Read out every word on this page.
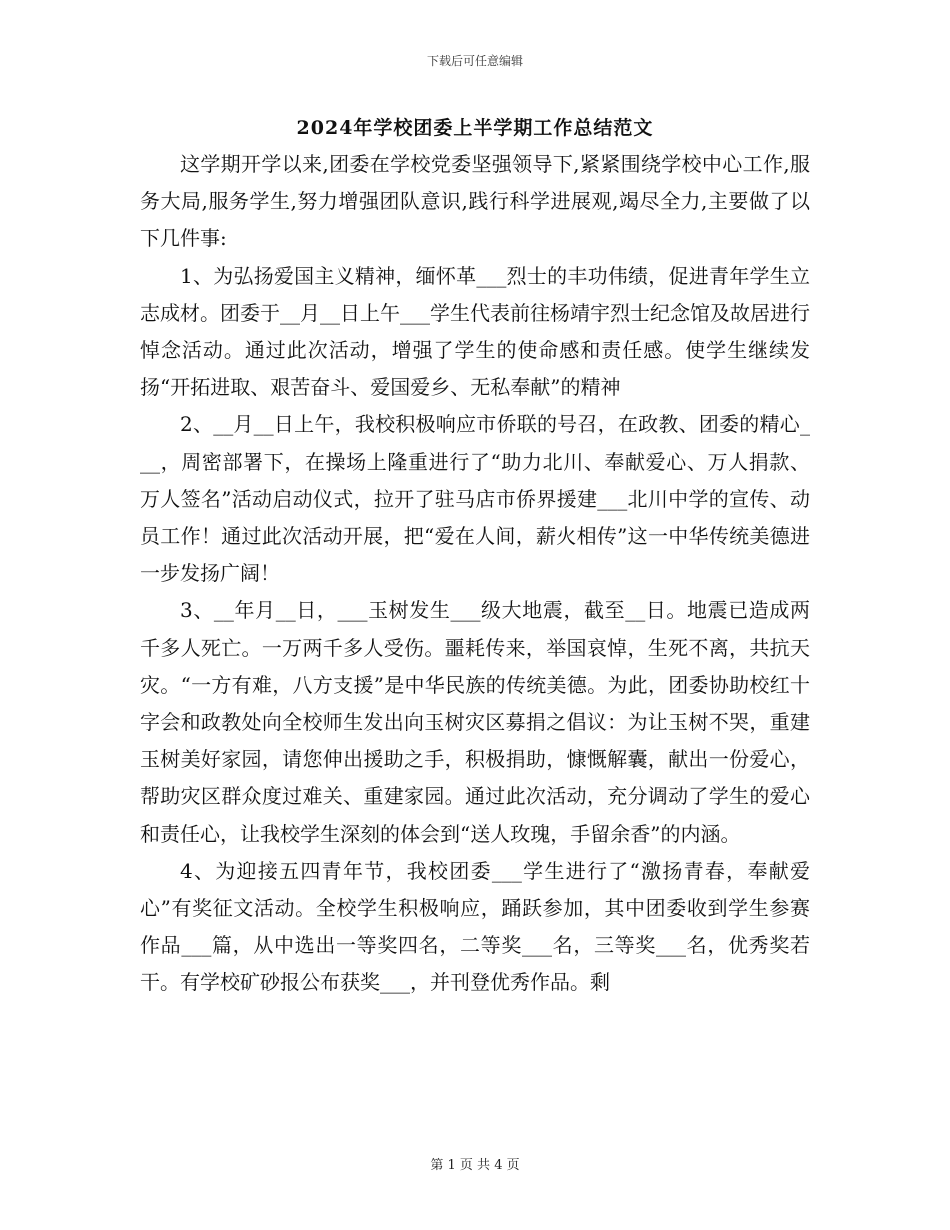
下载后可任意编辑
2024年学校团委上半学期工作总结范文

这学期开学以来,团委在学校党委坚强领导下,紧紧围绕学校中心工作,服务大局,服务学生,努力增强团队意识,践行科学进展观,竭尽全力,主要做了以下几件事:

1、为弘扬爱国主义精神，缅怀革___烈士的丰功伟绩，促进青年学生立志成材。团委于__月__日上午___学生代表前往杨靖宇烈士纪念馆及故居进行悼念活动。通过此次活动，增强了学生的使命感和责任感。使学生继续发扬“开拓进取、艰苦奋斗、爱国爱乡、无私奉献”的精神

2、__月__日上午，我校积极响应市侨联的号召，在政教、团委的精心___，周密部署下，在操场上隆重进行了“助力北川、奉献爱心、万人捐款、万人签名”活动启动仪式，拉开了驻马店市侨界援建___北川中学的宣传、动员工作！通过此次活动开展，把“爱在人间，薪火相传”这一中华传统美德进一步发扬广阔！

3、__年月__日，___玉树发生___级大地震，截至__日。地震已造成两千多人死亡。一万两千多人受伤。噩耗传来，举国哀悼，生死不离，共抗天灾。“一方有难，八方支援”是中华民族的传统美德。为此，团委协助校红十字会和政教处向全校师生发出向玉树灾区募捐之倡议：为让玉树不哭，重建玉树美好家园，请您伸出援助之手，积极捐助，慷慨解囊，献出一份爱心，帮助灾区群众度过难关、重建家园。通过此次活动，充分调动了学生的爱心和责任心，让我校学生深刻的体会到“送人玫瑰，手留余香”的内涵。

4、为迎接五四青年节，我校团委___学生进行了“激扬青春，奉献爱心”有奖征文活动。全校学生积极响应，踊跃参加，其中团委收到学生参赛作品___篇，从中选出一等奖四名，二等奖___名，三等奖___名，优秀奖若干。有学校矿砂报公布获奖___，并刊登优秀作品。剩

第 1 页 共 4 页
